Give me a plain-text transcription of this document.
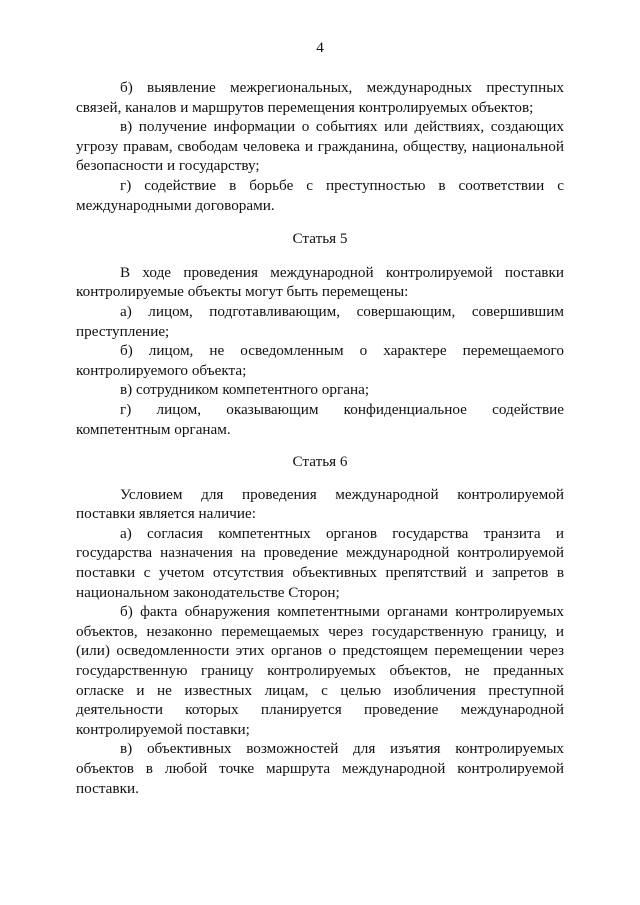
4

б) выявление межрегиональных, международных преступных связей, каналов и маршрутов перемещения контролируемых объектов;

в) получение информации о событиях или действиях, создающих угрозу правам, свободам человека и гражданина, обществу, национальной безопасности и государству;

г) содействие в борьбе с преступностью в соответствии с международными договорами.

Статья 5

В ходе проведения международной контролируемой поставки контролируемые объекты могут быть перемещены:

а) лицом, подготавливающим, совершающим, совершившим преступление;

б) лицом, не осведомленным о характере перемещаемого контролируемого объекта;

в) сотрудником компетентного органа;

г) лицом, оказывающим конфиденциальное содействие компетентным органам.

Статья 6

Условием для проведения международной контролируемой поставки является наличие:

а) согласия компетентных органов государства транзита и государства назначения на проведение международной контролируемой поставки с учетом отсутствия объективных препятствий и запретов в национальном законодательстве Сторон;

б) факта обнаружения компетентными органами контролируемых объектов, незаконно перемещаемых через государственную границу, и (или) осведомленности этих органов о предстоящем перемещении через государственную границу контролируемых объектов, не преданных огласке и не известных лицам, с целью изобличения преступной деятельности которых планируется проведение международной контролируемой поставки;

в) объективных возможностей для изъятия контролируемых объектов в любой точке маршрута международной контролируемой поставки.
